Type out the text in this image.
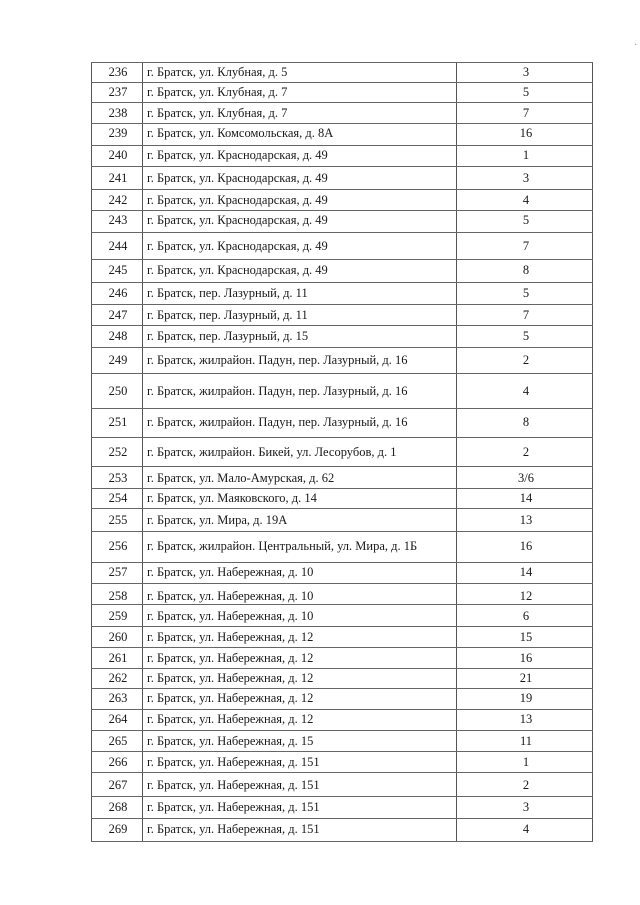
236	г. Братск, ул. Клубная, д. 5	3
237	г. Братск, ул. Клубная, д. 7	5
238	г. Братск, ул. Клубная, д. 7	7
239	г. Братск, ул. Комсомольская, д. 8А	16
240	г. Братск, ул. Краснодарская, д. 49	1
241	г. Братск, ул. Краснодарская, д. 49	3
242	г. Братск, ул. Краснодарская, д. 49	4
243	г. Братск, ул. Краснодарская, д. 49	5
244	г. Братск, ул. Краснодарская, д. 49	7
245	г. Братск, ул. Краснодарская, д. 49	8
246	г. Братск, пер. Лазурный, д. 11	5
247	г. Братск, пер. Лазурный, д. 11	7
248	г. Братск, пер. Лазурный, д. 15	5
249	г. Братск, жилрайон. Падун, пер. Лазурный, д. 16	2
250	г. Братск, жилрайон. Падун, пер. Лазурный, д. 16	4
251	г. Братск, жилрайон. Падун, пер. Лазурный, д. 16	8
252	г. Братск, жилрайон. Бикей, ул. Лесорубов, д. 1	2
253	г. Братск, ул. Мало-Амурская, д. 62	3/6
254	г. Братск, ул. Маяковского, д. 14	14
255	г. Братск, ул. Мира, д. 19А	13
256	г. Братск, жилрайон. Центральный, ул. Мира, д. 1Б	16
257	г. Братск, ул. Набережная, д. 10	14
258	г. Братск, ул. Набережная, д. 10	12
259	г. Братск, ул. Набережная, д. 10	6
260	г. Братск, ул. Набережная, д. 12	15
261	г. Братск, ул. Набережная, д. 12	16
262	г. Братск, ул. Набережная, д. 12	21
263	г. Братск, ул. Набережная, д. 12	19
264	г. Братск, ул. Набережная, д. 12	13
265	г. Братск, ул. Набережная, д. 15	11
266	г. Братск, ул. Набережная, д. 151	1
267	г. Братск, ул. Набережная, д. 151	2
268	г. Братск, ул. Набережная, д. 151	3
269	г. Братск, ул. Набережная, д. 151	4
·
